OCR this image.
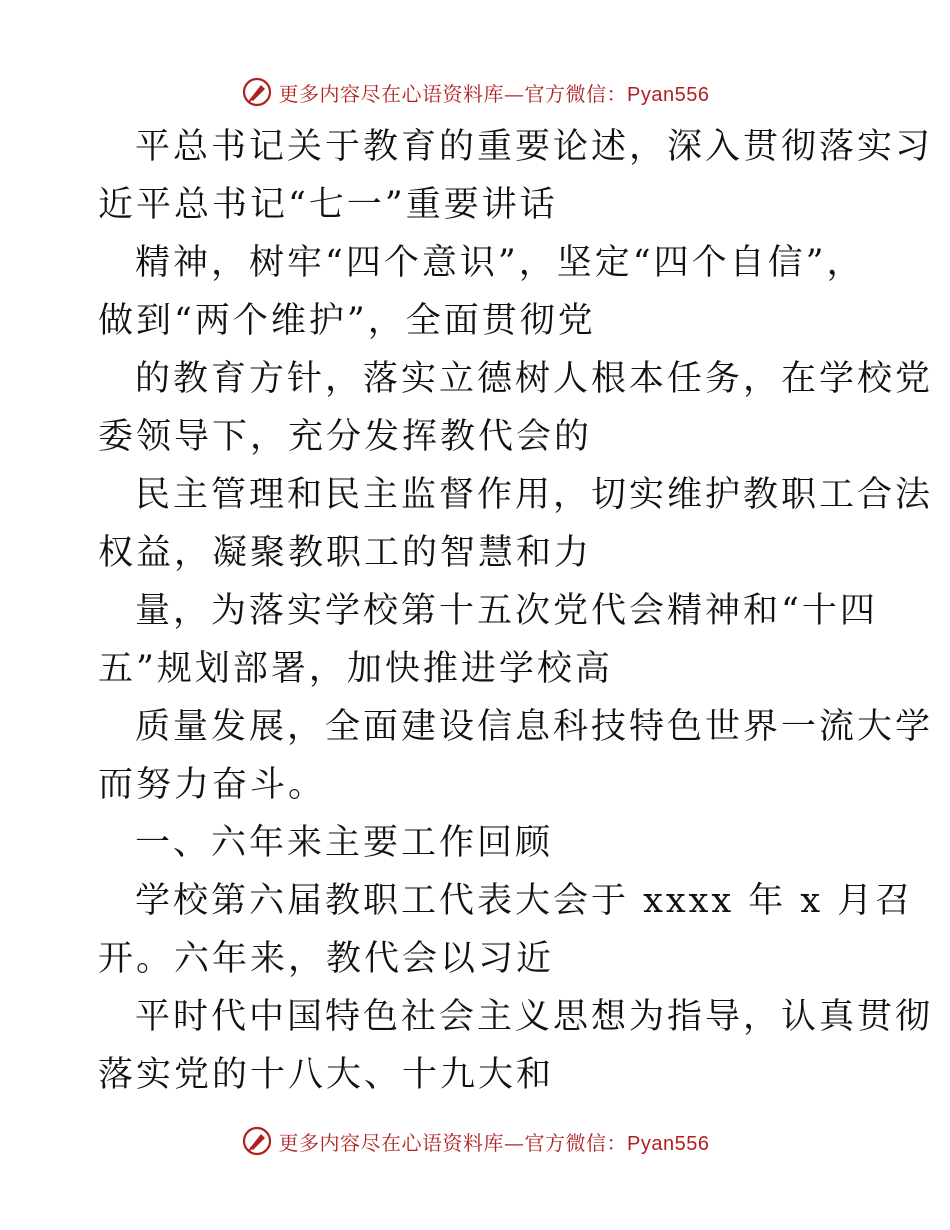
更多内容尽在心语资料库—官方微信：Pyan556
平总书记关于教育的重要论述，深入贯彻落实习
近平总书记“七一”重要讲话
精神，树牢“四个意识”，坚定“四个自信”，
做到“两个维护”，全面贯彻党
的教育方针，落实立德树人根本任务，在学校党
委领导下，充分发挥教代会的
民主管理和民主监督作用，切实维护教职工合法
权益，凝聚教职工的智慧和力
量，为落实学校第十五次党代会精神和“十四
五”规划部署，加快推进学校高
质量发展，全面建设信息科技特色世界一流大学
而努力奋斗。
一、六年来主要工作回顾
学校第六届教职工代表大会于 xxxx 年 x 月召
开。六年来，教代会以习近
平时代中国特色社会主义思想为指导，认真贯彻
落实党的十八大、十九大和
更多内容尽在心语资料库—官方微信：Pyan556
